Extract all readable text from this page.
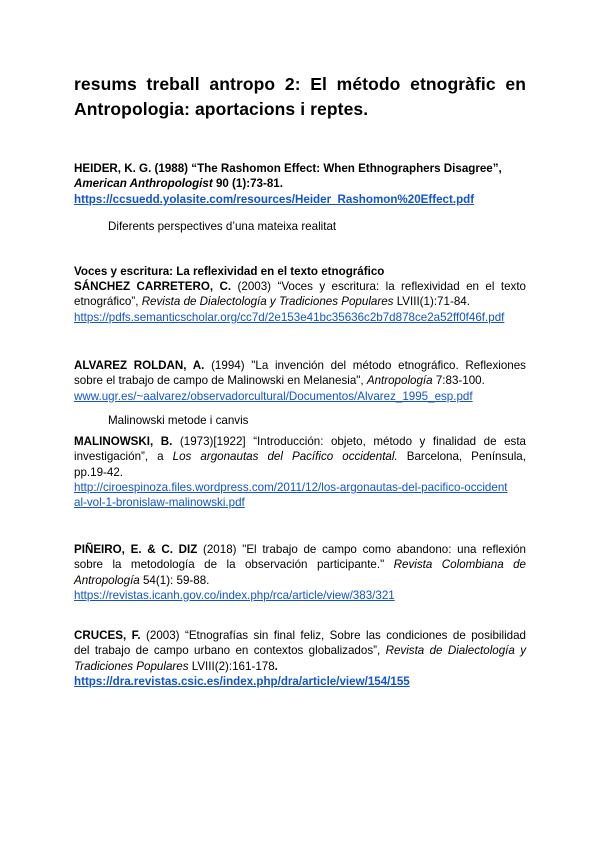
resums treball antropo 2: El método etnogràfic en Antropologia: aportacions i reptes.
HEIDER, K. G. (1988) “The Rashomon Effect: When Ethnographers Disagree”,
American Anthropologist 90 (1):73-81.
https://ccsuedd.yolasite.com/resources/Heider_Rashomon%20Effect.pdf
Diferents perspectives d’una mateixa realitat
Voces y escritura: La reflexividad en el texto etnográfico
SÁNCHEZ CARRETERO, C. (2003) “Voces y escritura: la reflexividad en el texto
etnográfico”, Revista de Dialectología y Tradiciones Populares LVIII(1):71-84.
https://pdfs.semanticscholar.org/cc7d/2e153e41bc35636c2b7d878ce2a52ff0f46f.pdf
ALVAREZ ROLDAN, A. (1994) "La invención del método etnográfico. Reflexiones
sobre el trabajo de campo de Malinowski en Melanesia", Antropología 7:83-100.
www.ugr.es/~aalvarez/observadorcultural/Documentos/Alvarez_1995_esp.pdf
Malinowski metode i canvis
MALINOWSKI, B. (1973)[1922] “Introducción: objeto, método y finalidad de esta
investigación”, a Los argonautas del Pacífico occidental. Barcelona, Península,
pp.19-42.
http://ciroespinoza.files.wordpress.com/2011/12/los-argonautas-del-pacifico-occident
al-vol-1-bronislaw-malinowski.pdf
PIÑEIRO, E. & C. DIZ (2018) "El trabajo de campo como abandono: una reflexión
sobre la metodología de la observación participante." Revista Colombiana de
Antropología 54(1): 59-88.
https://revistas.icanh.gov.co/index.php/rca/article/view/383/321
CRUCES, F. (2003) “Etnografías sin final feliz, Sobre las condiciones de posibilidad
del trabajo de campo urbano en contextos globalizados”, Revista de Dialectología y
Tradiciones Populares LVIII(2):161-178.
https://dra.revistas.csic.es/index.php/dra/article/view/154/155
